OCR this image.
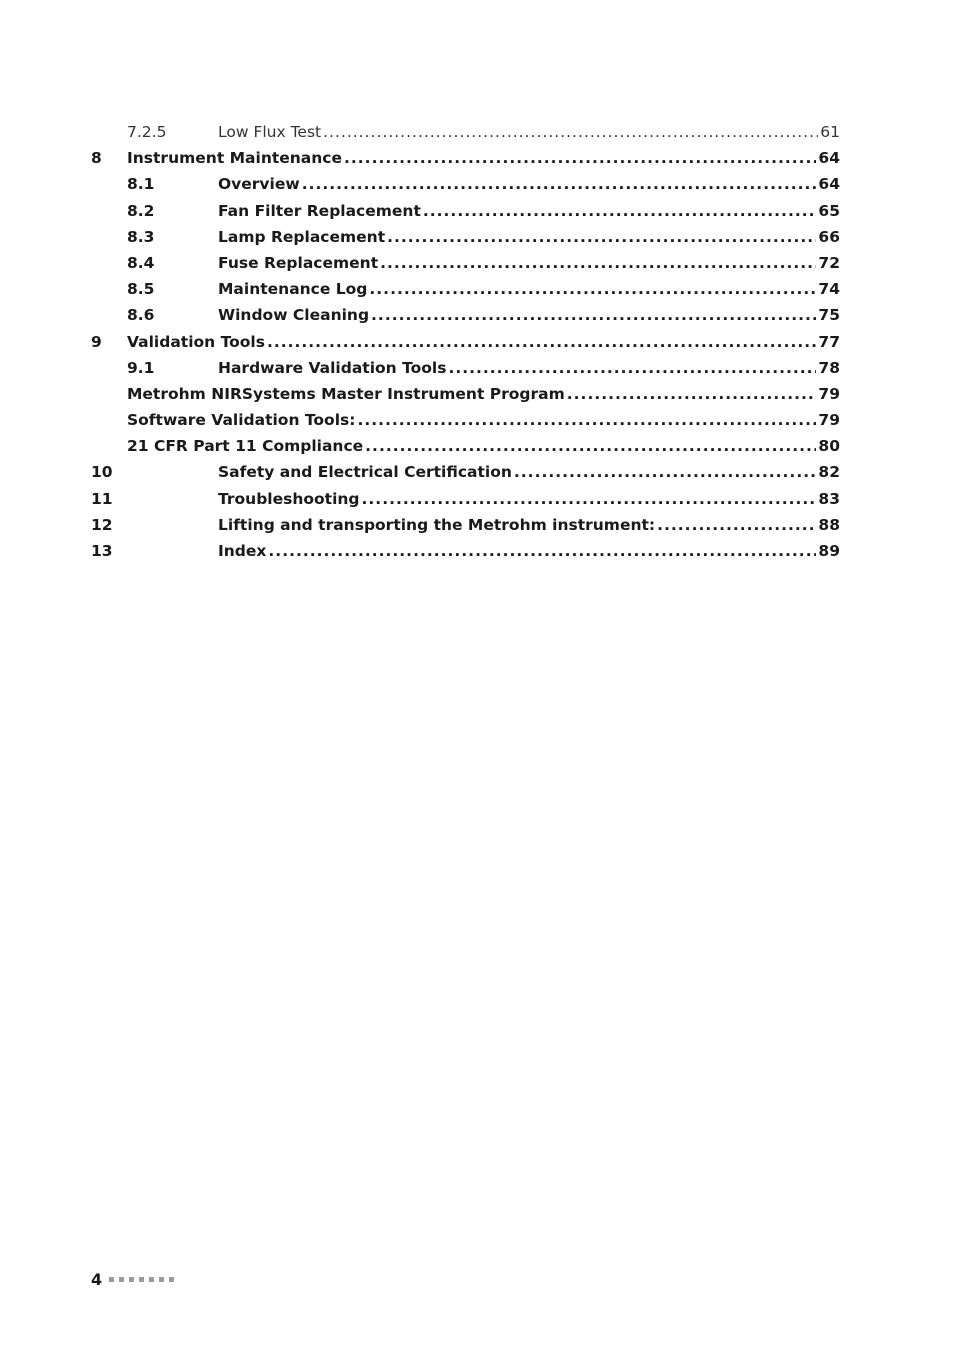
7.2.5	Low Flux Test .....	61
8 Instrument Maintenance .....	64
8.1	Overview .....	64
8.2	Fan Filter Replacement .....	65
8.3	Lamp Replacement .....	66
8.4	Fuse Replacement .....	72
8.5	Maintenance Log .....	74
8.6	Window Cleaning .....	75
9 Validation Tools .....	77
9.1	Hardware Validation Tools .....	78
Metrohm NIRSystems Master Instrument Program .....	79
Software Validation Tools: .....	79
21 CFR Part 11 Compliance .....	80
10	Safety and Electrical Certification .....	82
11	Troubleshooting .....	83
12	Lifting and transporting the Metrohm instrument: .....	88
13	Index .....	89
4
